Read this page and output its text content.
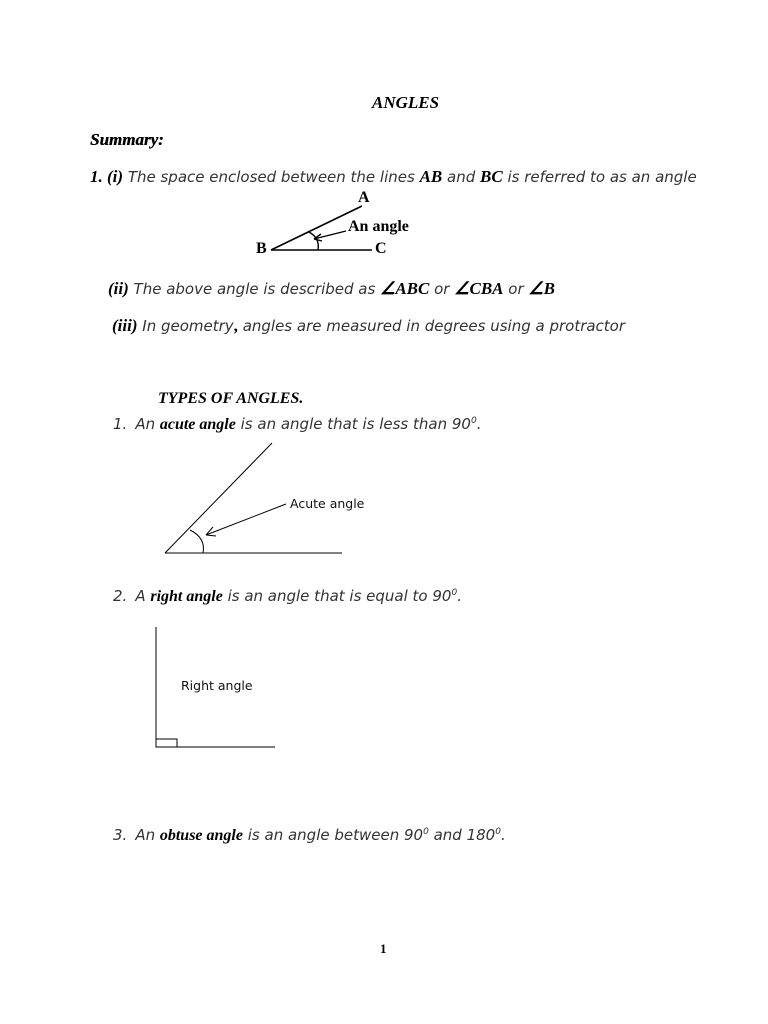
ANGLES
Summary:
1. (i) The space enclosed between the lines AB and BC is referred to as an angle
A
B	C
An angle
(ii) The above angle is described as ∠ABC or ∠CBA or ∠B
(iii) In geometry, angles are measured in degrees using a protractor
TYPES OF ANGLES.
1. An acute angle is an angle that is less than $90^0$.
Acute angle
2. A right angle is an angle that is equal to $90^0$.
Right angle
3. An obtuse angle is an angle between $90^0$ and $180^0$.
1
